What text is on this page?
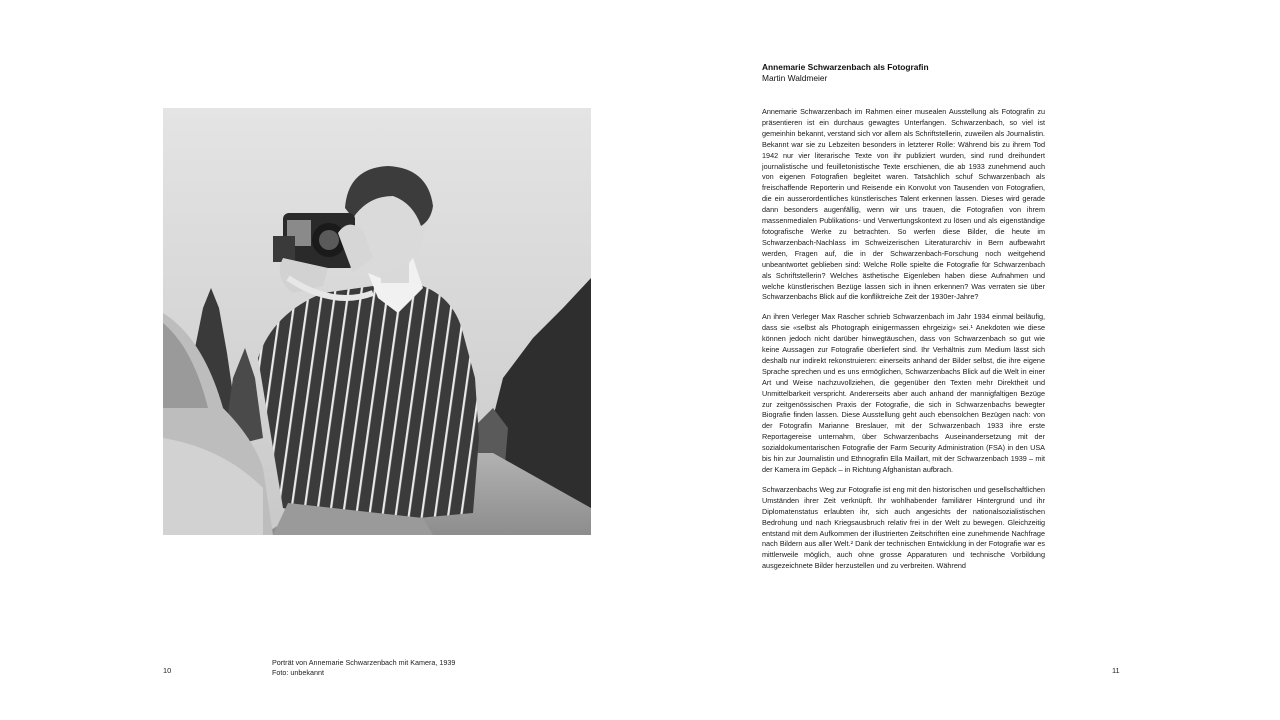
Porträt von Annemarie Schwarzenbach mit Kamera, 1939
Foto: unbekannt
10
Annemarie Schwarzenbach als Fotografin
Martin Waldmeier

Annemarie Schwarzenbach im Rahmen einer musealen Ausstellung als Fotografin zu präsentieren ist ein durchaus gewagtes Unterfangen. Schwarzenbach, so viel ist gemeinhin bekannt, verstand sich vor allem als Schriftstellerin, zuweilen als Journalistin. Bekannt war sie zu Lebzeiten besonders in letzterer Rolle: Während bis zu ihrem Tod 1942 nur vier literarische Texte von ihr publiziert wurden, sind rund dreihundert journalistische und feuilletonistische Texte erschienen, die ab 1933 zunehmend auch von eigenen Fotografien begleitet waren. Tatsächlich schuf Schwarzenbach als freischaffende Reporterin und Reisende ein Konvolut von Tausenden von Fotografien, die ein ausserordentliches künstlerisches Talent erkennen lassen. Dieses wird gerade dann besonders augenfällig, wenn wir uns trauen, die Fotografien von ihrem massenmedialen Publikations- und Verwertungskontext zu lösen und als eigenständige fotografische Werke zu betrachten. So werfen diese Bilder, die heute im Schwarzenbach-Nachlass im Schweizerischen Literaturarchiv in Bern aufbewahrt werden, Fragen auf, die in der Schwarzenbach-Forschung noch weitgehend unbeantwortet geblieben sind: Welche Rolle spielte die Fotografie für Schwarzenbach als Schriftstellerin? Welches ästhetische Eigenleben haben diese Aufnahmen und welche künstlerischen Bezüge lassen sich in ihnen erkennen? Was verraten sie über Schwarzenbachs Blick auf die konfliktreiche Zeit der 1930er-Jahre?

An ihren Verleger Max Rascher schrieb Schwarzenbach im Jahr 1934 einmal beiläufig, dass sie «selbst als Photograph einigermassen ehrgeizig» sei.¹ Anekdoten wie diese können jedoch nicht darüber hinwegtäuschen, dass von Schwarzenbach so gut wie keine Aussagen zur Fotografie überliefert sind. Ihr Verhältnis zum Medium lässt sich deshalb nur indirekt rekonstruieren: einerseits anhand der Bilder selbst, die ihre eigene Sprache sprechen und es uns ermöglichen, Schwarzenbachs Blick auf die Welt in einer Art und Weise nachzuvollziehen, die gegenüber den Texten mehr Direktheit und Unmittelbarkeit verspricht. Andererseits aber auch anhand der mannigfaltigen Bezüge zur zeitgenössischen Praxis der Fotografie, die sich in Schwarzenbachs bewegter Biografie finden lassen. Diese Ausstellung geht auch ebensolchen Bezügen nach: von der Fotografin Marianne Breslauer, mit der Schwarzenbach 1933 ihre erste Reportagereise unternahm, über Schwarzenbachs Auseinandersetzung mit der sozialdokumentarischen Fotografie der Farm Security Administration (FSA) in den USA bis hin zur Journalistin und Ethnografin Ella Maillart, mit der Schwarzenbach 1939 – mit der Kamera im Gepäck – in Richtung Afghanistan aufbrach.

Schwarzenbachs Weg zur Fotografie ist eng mit den historischen und gesellschaftlichen Umständen ihrer Zeit verknüpft. Ihr wohlhabender familiärer Hintergrund und ihr Diplomatenstatus erlaubten ihr, sich auch angesichts der nationalsozialistischen Bedrohung und nach Kriegsausbruch relativ frei in der Welt zu bewegen. Gleichzeitig entstand mit dem Aufkommen der illustrierten Zeitschriften eine zunehmende Nachfrage nach Bildern aus aller Welt.² Dank der technischen Entwicklung in der Fotografie war es mittlerweile möglich, auch ohne grosse Apparaturen und technische Vorbildung ausgezeichnete Bilder herzustellen und zu verbreiten. Während

11
